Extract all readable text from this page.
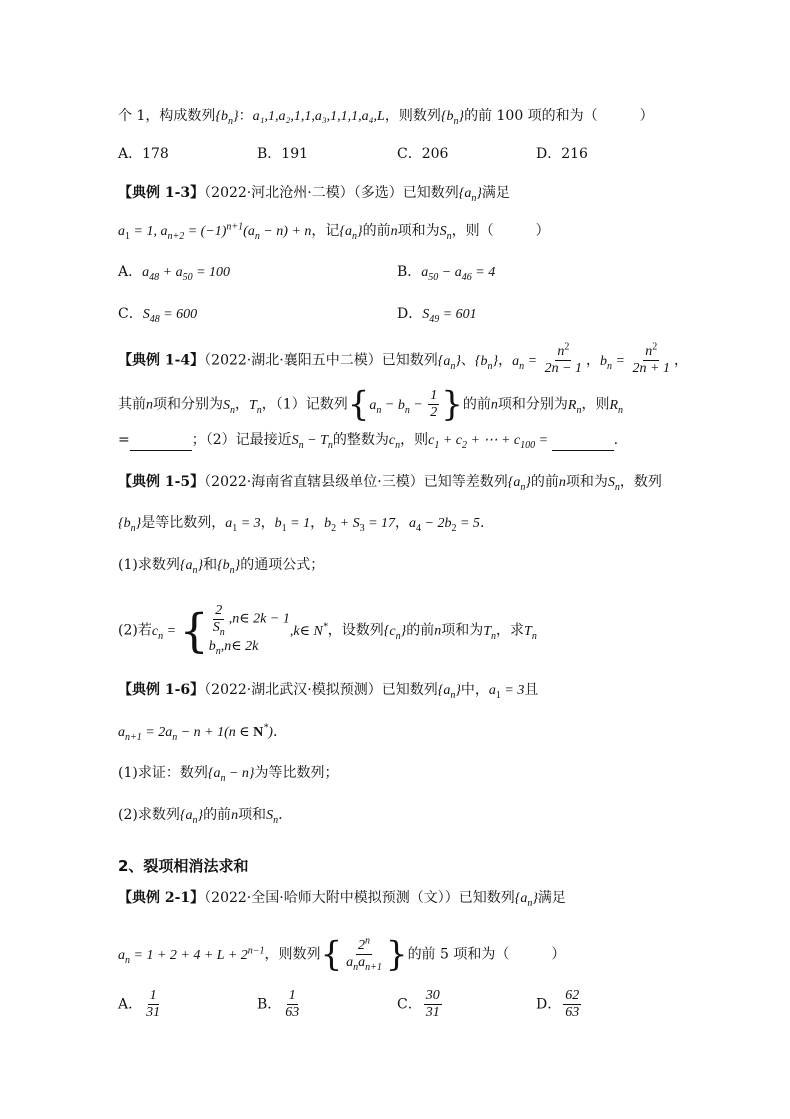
个 1，构成数列$\{b_n\}$：a₁,1,a₂,1,1,a₃,1,1,1,a₄,L，则数列$\{b_n\}$的前 100 项的和为（　　　）
A．178	B．191	C．206	D．216
【典例 1-3】（2022·河北沧州·二模）（多选）已知数列$\{a_n\}$满足
$a_1 = 1$, $a_{n+2} = (-1)^{n+1}(a_n - n) + n$，记$\{a_n\}$的前n项和为$S_n$，则（　　　）
A．$a_{48} + a_{50} = 100$	B．$a_{50} - a_{46} = 4$
C．$S_{48} = 600$	D．$S_{49} = 601$
【典例 1-4】（2022·湖北·襄阳五中二模）已知数列$\{a_n\}$、$\{b_n\}$，$a_n = \frac{n^2}{2n - 1}$ ，$b_n = \frac{n^2}{2n + 1}$ ，
其前n项和分别为$S_n$，$T_n$，（1）记数列{$a_n - b_n - \frac{1}{2}$ }的前n项和分别为$R_n$，则$R_n$
=	；（2）记最接近$S_n - T_n$的整数为$c_n$，则$c_1 + c_2$ + ⋯ + $c_{100}$ =	.
【典例 1-5】（2022·海南省直辖县级单位·三模）已知等差数列$\{a_n\}$的前n项和为$S_n$，数列
$\{b_n\}$是等比数列，$a_1 = 3$，$b_1 = 1$，$b_2 + S_3 = 17$，$a_4 - 2b_2 = 5$.
(1)求数列$\{a_n\}$和$\{b_n\}$的通项公式；
(2)若$c_n$ = { $\frac{2}{S_n}$ ,n∈ 2k − 1
$b_n,n\in$ 2k
,k∈ N*，设数列$\{c_n\}$的前n项和为$T_n$，求$T_n$
【典例 1-6】（2022·湖北武汉·模拟预测）已知数列$\{a_n\}$中，$a_1 = 3$且
$a_{n+1} = 2a_n - n + 1(n$ ∈ N*).
(1)求证：数列$\{a_n - n\}$为等比数列；
(2)求数列$\{a_n\}$的前n项和$S_n$.
2、裂项相消法求和
【典例 2-1】（2022·全国·哈师大附中模拟预测（文））已知数列$\{a_n\}$满足
$a_n = 1 + 2 + 4 + L + 2^{n-1}$，则数列{ $\frac{2^n}{a_na_{n+1}}$ }的前 5 项和为（　　　）
A． $\frac{1}{31}$	B． $\frac{1}{63}$	C． $\frac{30}{31}$	D． $\frac{62}{63}$
